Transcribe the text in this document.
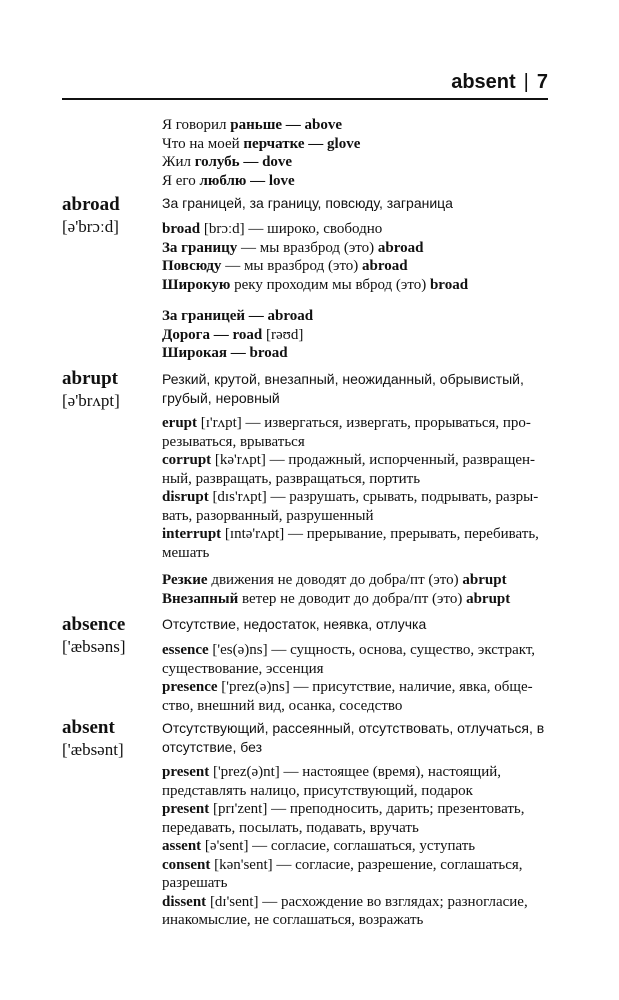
absent | 7
Я говорил раньше — above
Что на моей перчатке — glove
Жил голубь — dove
Я его люблю — love
abroad
[ə'brɔːd]
За границей, за границу, повсюду, заграница
broad [brɔːd] — широко, свободно
За границу — мы вразброд (это) abroad
Повсюду — мы вразброд (это) abroad
Широкую реку проходим мы вброд (это) broad
За границей — abroad
Дорога — road [rəʊd]
Широкая — broad
abrupt
[ə'brʌpt]
Резкий, крутой, внезапный, неожиданный, обрывистый,
грубый, неровный
erupt [ɪ'rʌpt] — извергаться, извергать, прорываться, про-
резываться, врываться
corrupt [kə'rʌpt] — продажный, испорченный, развращен-
ный, развращать, развращаться, портить
disrupt [dɪs'rʌpt] — разрушать, срывать, подрывать, разры-
вать, разорванный, разрушенный
interrupt [ɪntə'rʌpt] — прерывание, прерывать, перебивать,
мешать
Резкие движения не доводят до добра/пт (это) abrupt
Внезапный ветер не доводит до добра/пт (это) abrupt
absence
['æbsəns]
Отсутствие, недостаток, неявка, отлучка
essence ['es(ə)ns] — сущность, основа, существо, экстракт,
существование, эссенция
presence ['prez(ə)ns] — присутствие, наличие, явка, обще-
ство, внешний вид, осанка, соседство
absent
['æbsənt]
Отсутствующий, рассеянный, отсутствовать, отлучаться, в
отсутствие, без
present ['prez(ə)nt] — настоящее (время), настоящий,
представлять налицо, присутствующий, подарок
present [prɪ'zent] — преподносить, дарить; презентовать,
передавать, посылать, подавать, вручать
assent [ə'sent] — согласие, соглашаться, уступать
consent [kən'sent] — согласие, разрешение, соглашаться,
разрешать
dissent [dɪ'sent] — расхождение во взглядах; разногласие,
инакомыслие, не соглашаться, возражать
